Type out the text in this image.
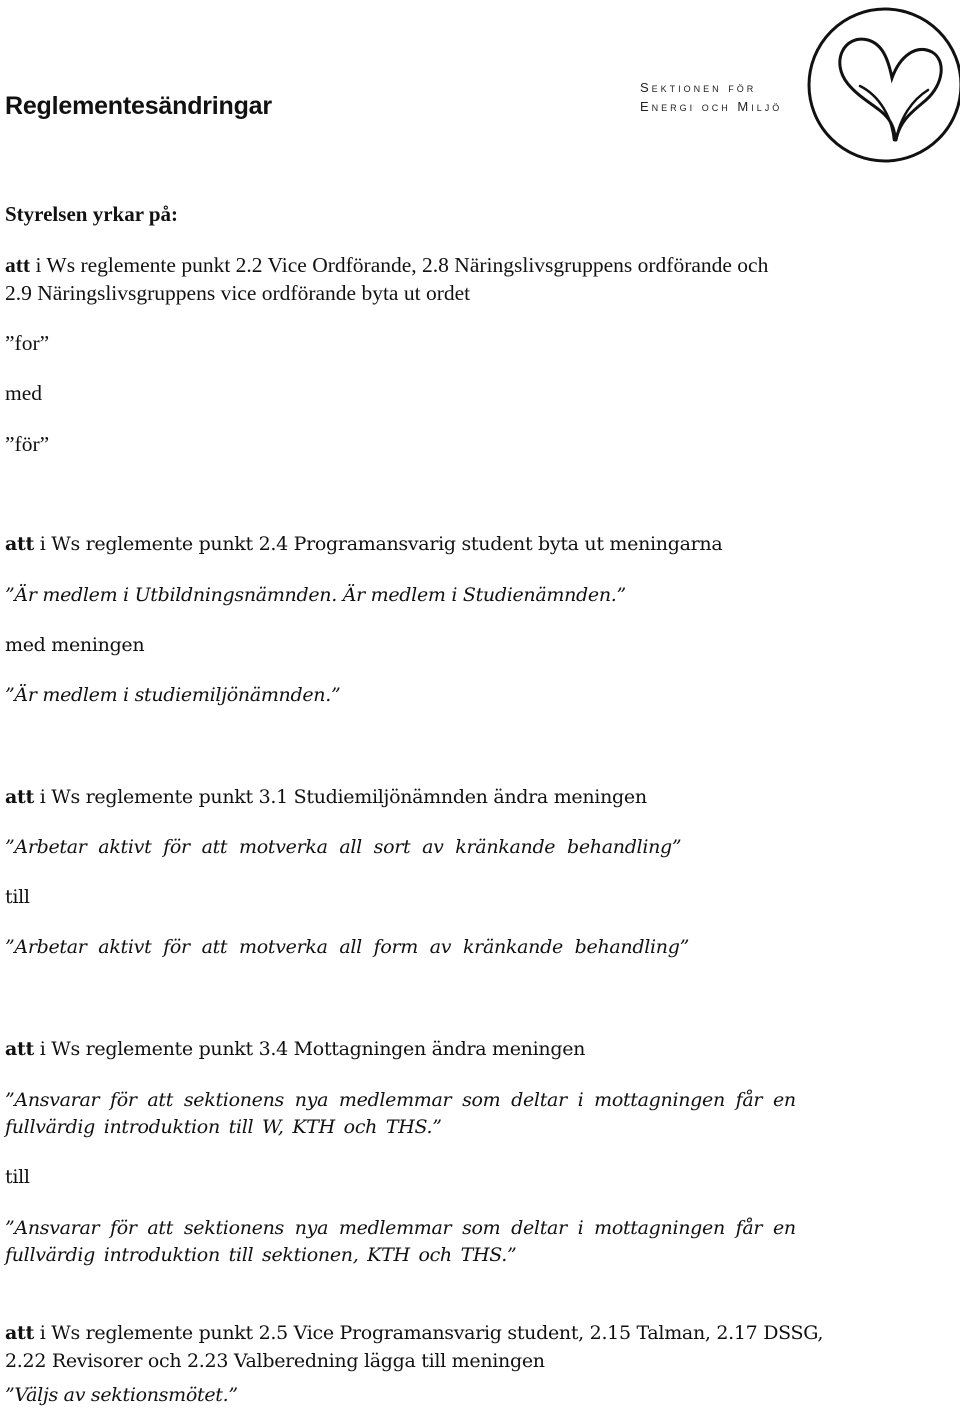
Reglementesändringar
Sektionen för
Energi och Miljö
Styrelsen yrkar på:
att i Ws reglemente punkt 2.2 Vice Ordförande, 2.8 Näringslivsgruppens ordförande och
2.9 Näringslivsgruppens vice ordförande byta ut ordet
”for”
med
”för”
att i Ws reglemente punkt 2.4 Programansvarig student byta ut meningarna
”Är medlem i Utbildningsnämnden. Är medlem i Studienämnden.”
med meningen
”Är medlem i studiemiljönämnden.”
att i Ws reglemente punkt 3.1 Studiemiljönämnden ändra meningen
”Arbetar aktivt för att motverka all sort av kränkande behandling”
till
”Arbetar aktivt för att motverka all form av kränkande behandling”
att i Ws reglemente punkt 3.4 Mottagningen ändra meningen
”Ansvarar för att sektionens nya medlemmar som deltar i mottagningen får en
fullvärdig introduktion till W, KTH och THS.”
till
”Ansvarar för att sektionens nya medlemmar som deltar i mottagningen får en
fullvärdig introduktion till sektionen, KTH och THS.”
att i Ws reglemente punkt 2.5 Vice Programansvarig student, 2.15 Talman, 2.17 DSSG,
2.22 Revisorer och 2.23 Valberedning lägga till meningen
”Väljs av sektionsmötet.”
